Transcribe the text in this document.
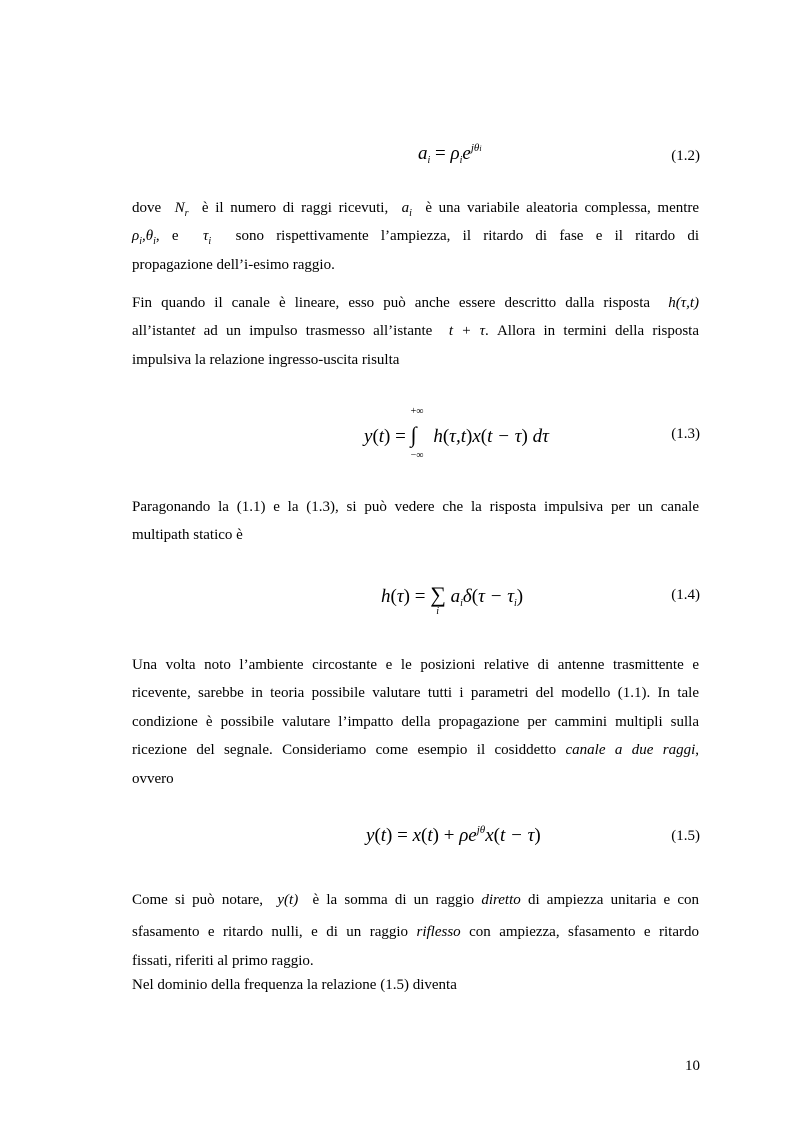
$a_i = \rho_ie^{j\theta i}$	(1.2)
dove  $N_r$ è il numero di raggi ricevuti,  $a_i$ è una variabile aleatoria complessa, mentre
$\rho_i,\theta_i$, e  $\tau_i$ sono rispettivamente l’ampiezza, il ritardo di fase e il ritardo di
propagazione dell’i-esimo raggio.
Fin quando il canale è lineare, esso può anche essere descritto dalla risposta  h(τ,t)
all’istantet ad un impulso trasmesso all’istante  t + τ. Allora in termini della risposta
impulsiva la relazione ingresso-uscita risulta
y(t) =
+∞
∫
−∞
h(τ,t)x(t − τ) dτ	(1.3)
Paragonando la (1.1) e la (1.3), si può vedere che la risposta impulsiva per un canale
multipath statico è
h(τ) = ∑
i
$a_i\delta(\tau - \tau_i)$	(1.4)
Una volta noto l’ambiente circostante e le posizioni relative di antenne trasmittente e
ricevente, sarebbe in teoria possibile valutare tutti i parametri del modello (1.1). In tale
condizione è possibile valutare l’impatto della propagazione per cammini multipli sulla
ricezione del segnale. Consideriamo come esempio il cosiddetto canale a due raggi,
ovvero
$y(t) = x(t) + \rho e^{j\theta}x(t - \tau)$	(1.5)
Come si può notare,  y(t)  è la somma di un raggio diretto di ampiezza unitaria e con
sfasamento e ritardo nulli, e di un raggio riflesso con ampiezza, sfasamento e ritardo
fissati, riferiti al primo raggio.
Nel dominio della frequenza la relazione (1.5) diventa
10
